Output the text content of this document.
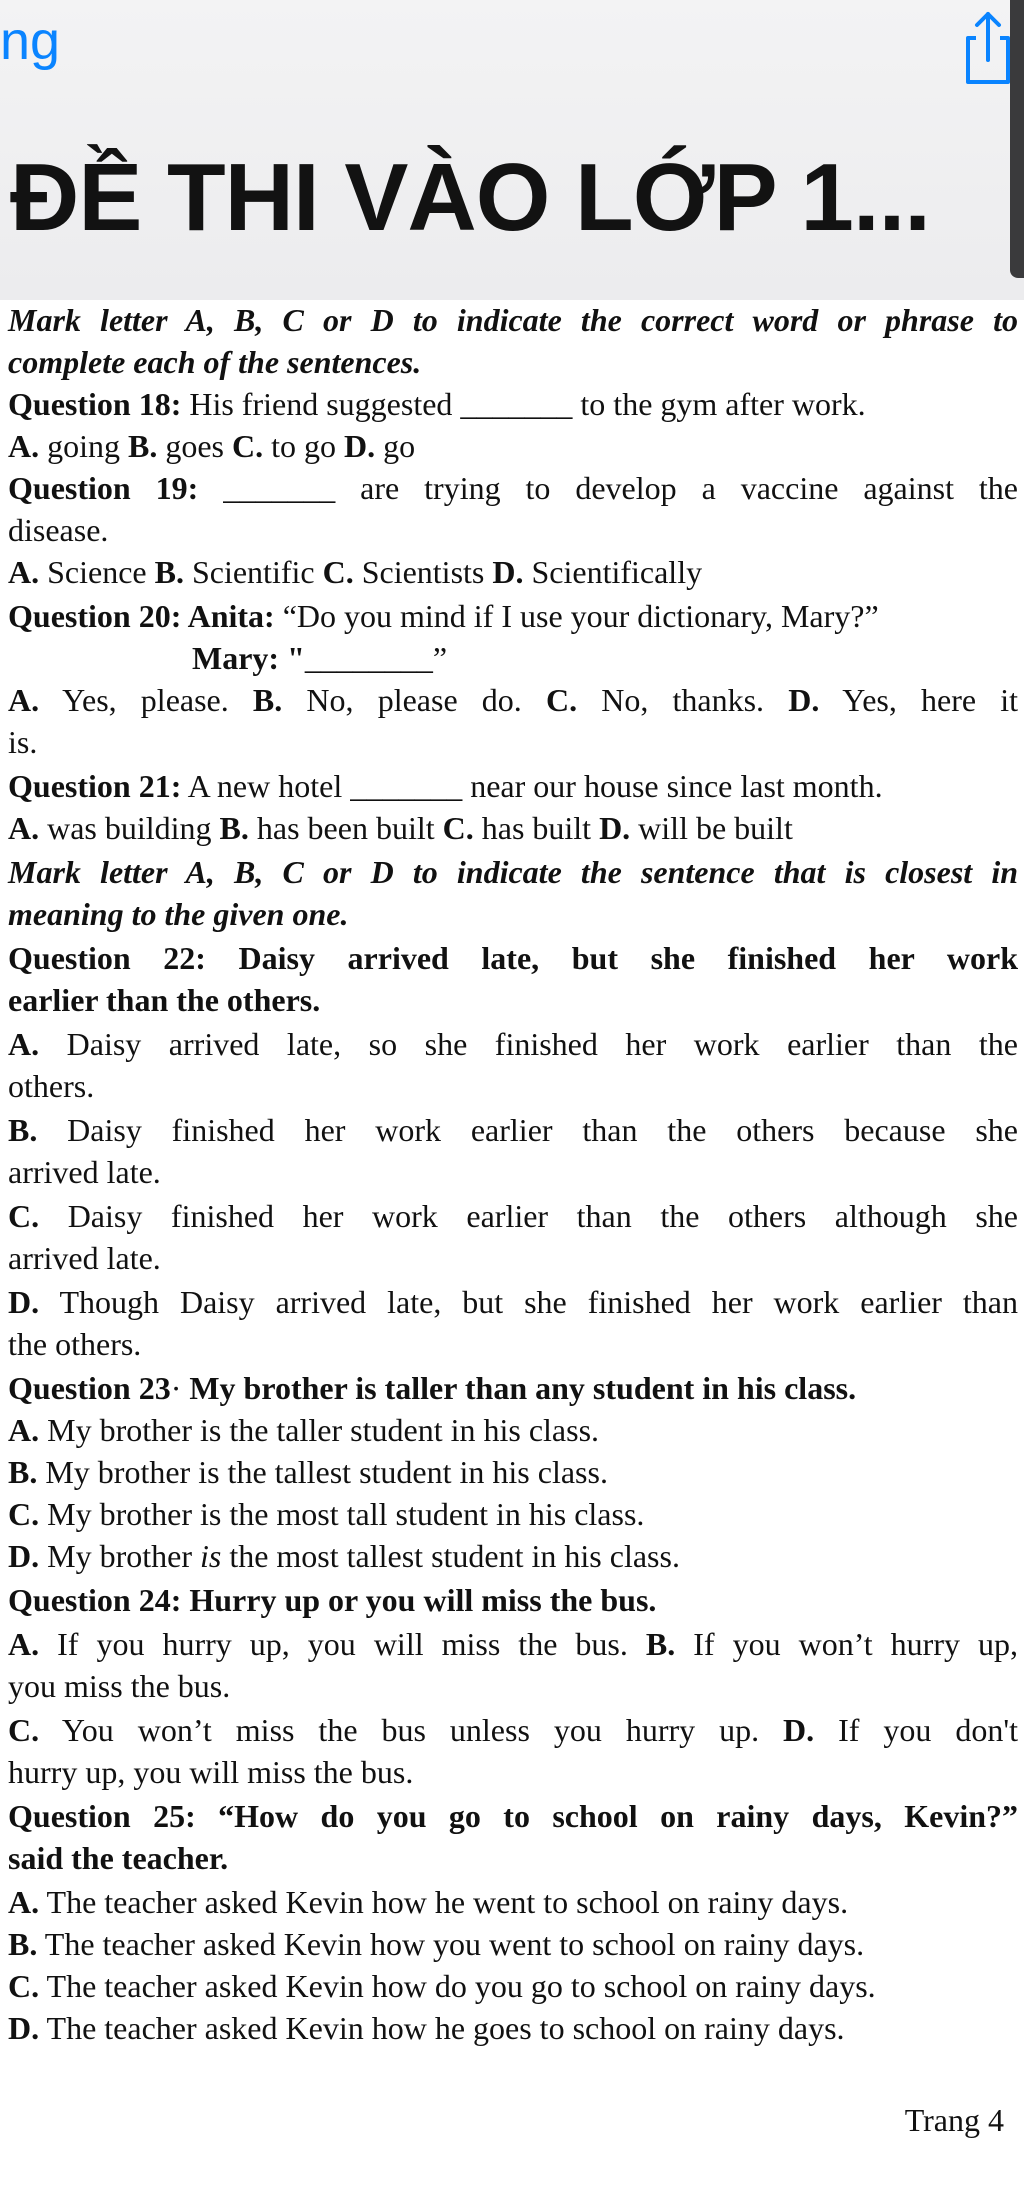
ng
ĐỀ THI VÀO LỚP 1...
Mark letter A, B, C or D to indicate the correct word or phrase to
complete each of the sentences.
Question 18: His friend suggested _______ to the gym after work.
A. going B. goes C. to go D. go
Question 19: _______ are trying to develop a vaccine against the
disease.
A. Science B. Scientific C. Scientists D. Scientifically
Question 20: Anita: “Do you mind if I use your dictionary, Mary?”
Mary: "________”
A. Yes, please. B. No, please do. C. No, thanks. D. Yes, here it
is.
Question 21: A new hotel _______ near our house since last month.
A. was building B. has been built C. has built D. will be built
Mark letter A, B, C or D to indicate the sentence that is closest in
meaning to the given one.
Question 22: Daisy arrived late, but she finished her work
earlier than the others.
A. Daisy arrived late, so she finished her work earlier than the
others.
B. Daisy finished her work earlier than the others because she
arrived late.
C. Daisy finished her work earlier than the others although she
arrived late.
D. Though Daisy arrived late, but she finished her work earlier than
the others.
Question 23· My brother is taller than any student in his class.
A. My brother is the taller student in his class.
B. My brother is the tallest student in his class.
C. My brother is the most tall student in his class.
D. My brother is the most tallest student in his class.
Question 24: Hurry up or you will miss the bus.
A. If you hurry up, you will miss the bus. B. If you won’t hurry up,
you miss the bus.
C. You won’t miss the bus unless you hurry up. D. If you don't
hurry up, you will miss the bus.
Question 25: “How do you go to school on rainy days, Kevin?”
said the teacher.
A. The teacher asked Kevin how he went to school on rainy days.
B. The teacher asked Kevin how you went to school on rainy days.
C. The teacher asked Kevin how do you go to school on rainy days.
D. The teacher asked Kevin how he goes to school on rainy days.
Trang 4
